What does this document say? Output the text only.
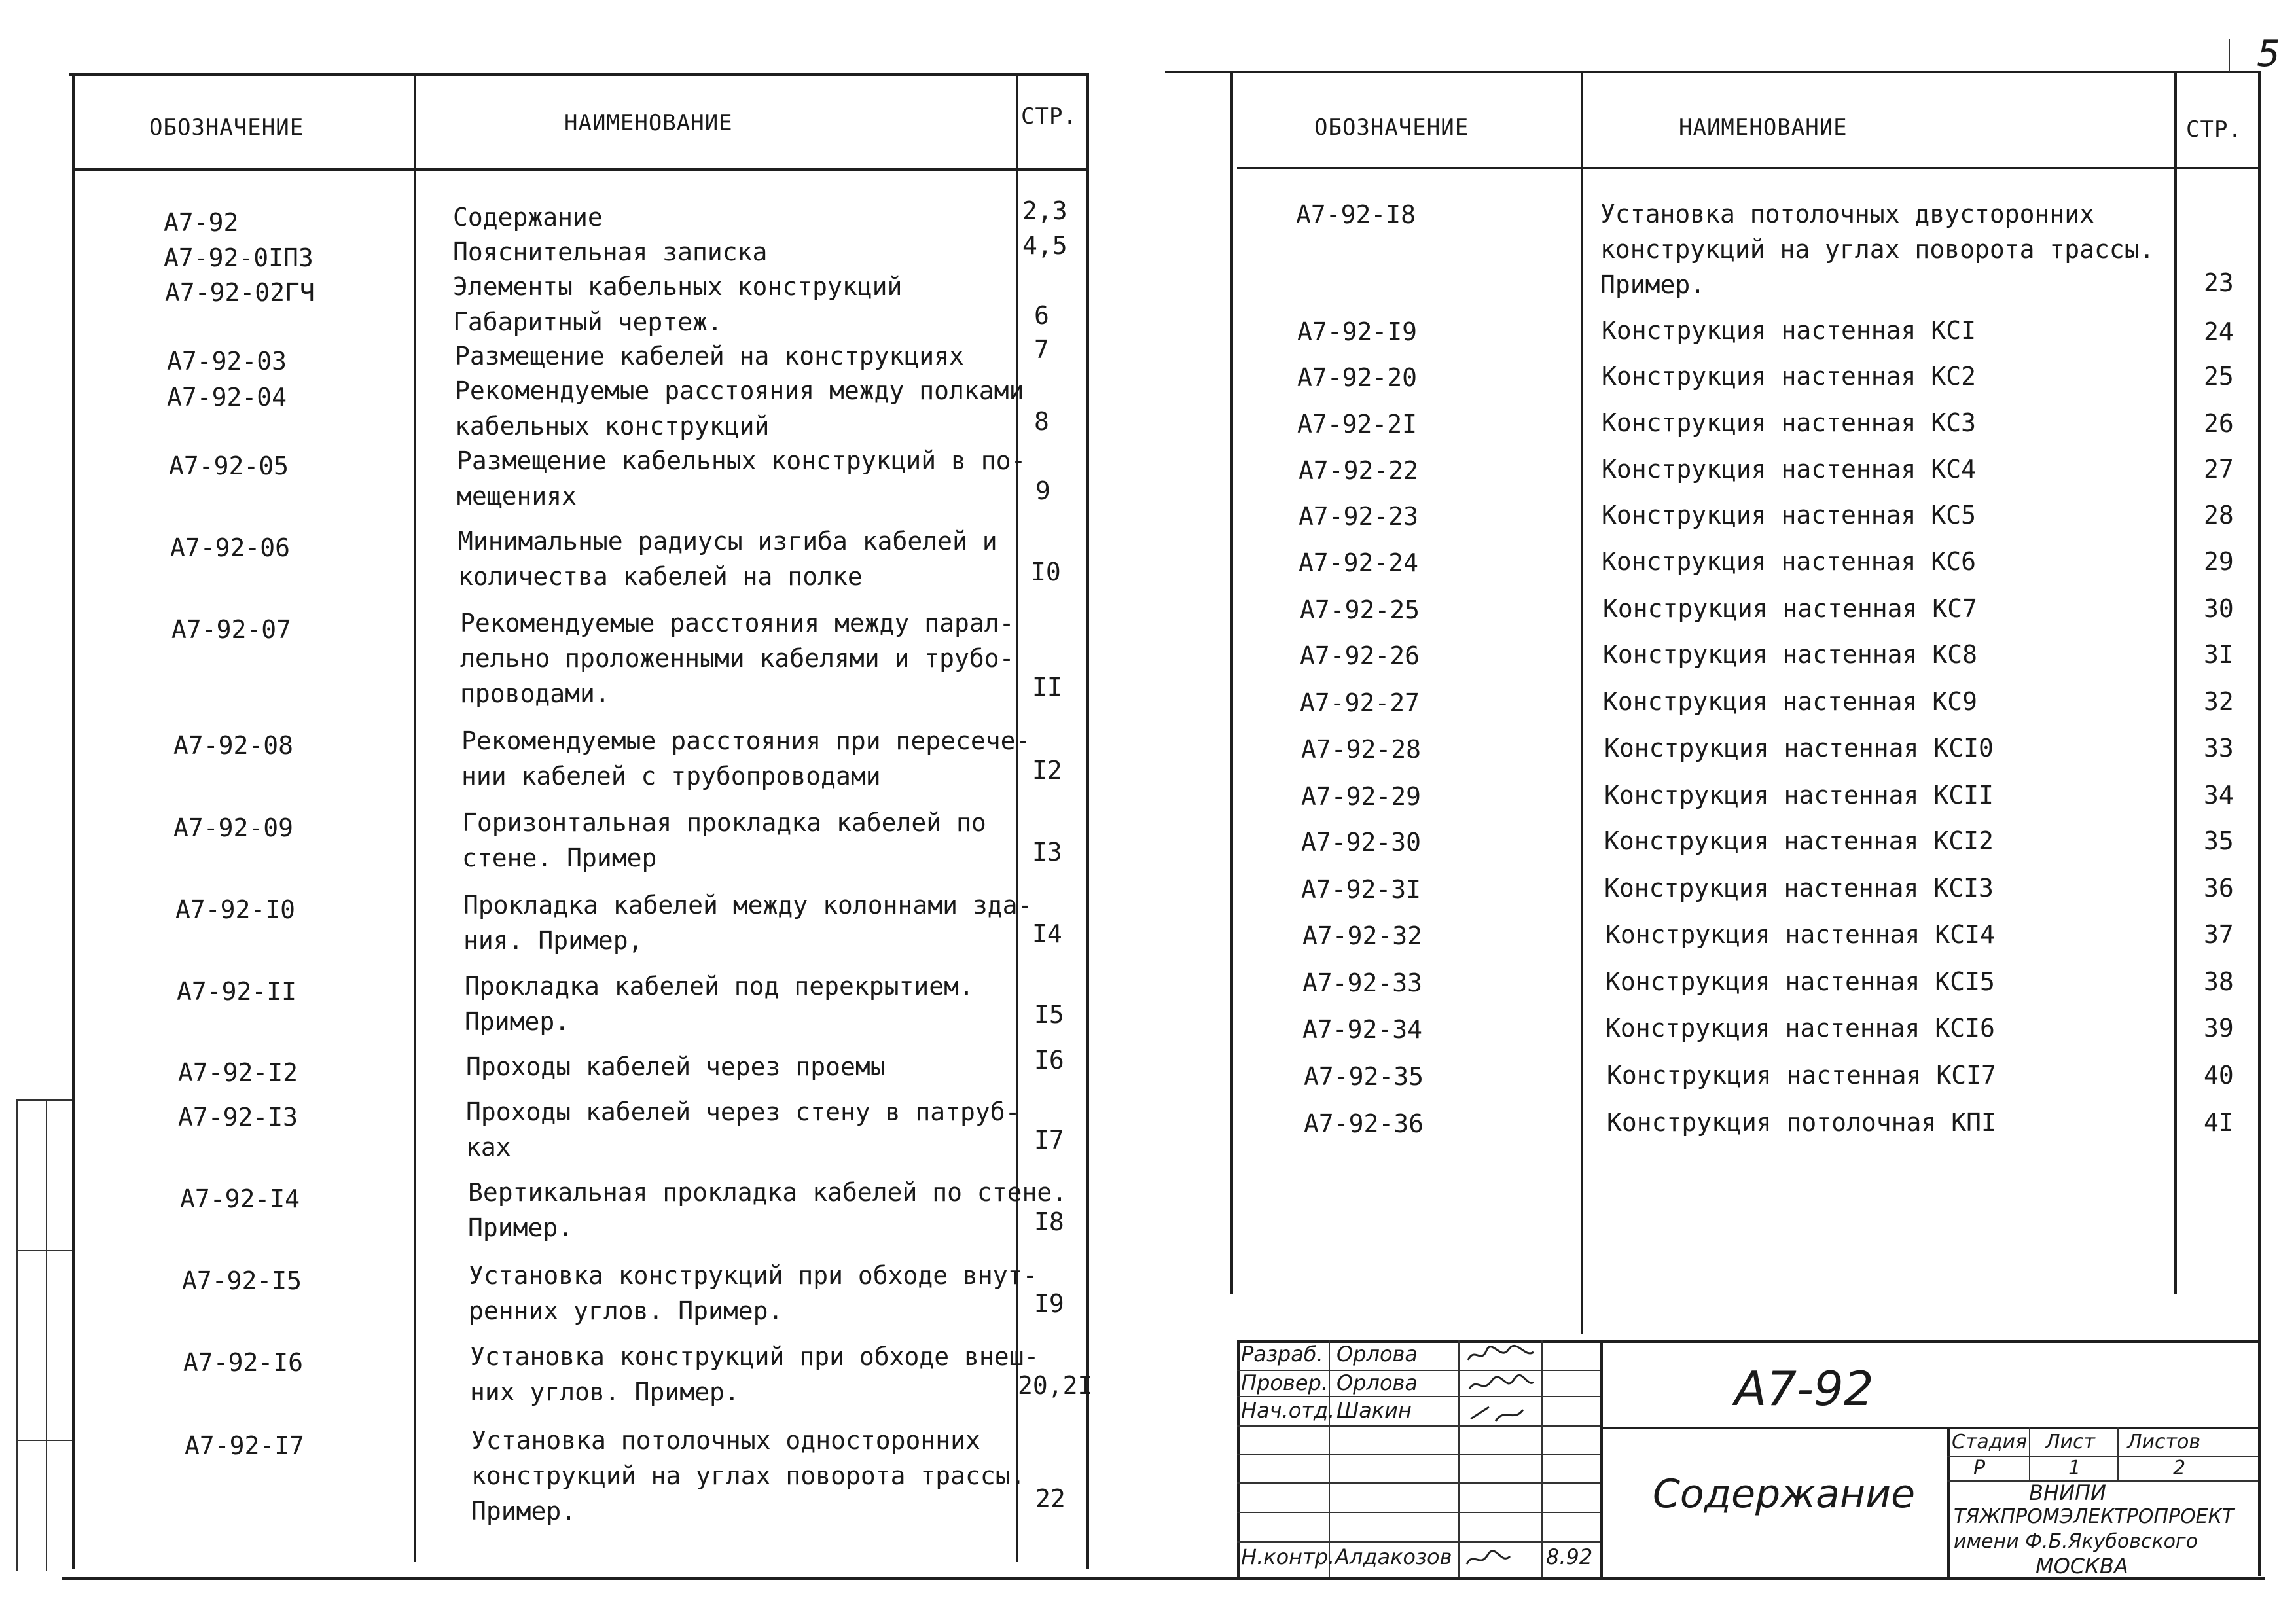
ОБОЗНАЧЕНИЕ	НАИМЕНОВАНИЕ	СТР.
5
ОБОЗНАЧЕНИЕ	НАИМЕНОВАНИЕ	СТР.
А7-92	Содержание	2,3
А7-92-0IПЗ	Пояснительная записка	4,5
А7-92-02ГЧ	Элементы кабельных конструкций
Габаритный чертеж.	6
А7-92-03	Размещение кабелей на конструкциях	7
А7-92-04	Рекомендуемые расстояния между полками
кабельных конструкций	8
А7-92-05	Размещение кабельных конструкций в по-
мещениях	9
А7-92-06	Минимальные радиусы изгиба кабелей и
количества кабелей на полке	I0
А7-92-07	Рекомендуемые расстояния между парал-
лельно проложенными кабелями и трубо-
проводами.	II
А7-92-08	Рекомендуемые расстояния при пересече-
нии кабелей с трубопроводами	I2
А7-92-09	Горизонтальная прокладка кабелей по
стене. Пример	I3
А7-92-I0	Прокладка кабелей между колоннами зда-
ния. Пример,	I4
А7-92-II	Прокладка кабелей под перекрытием.
Пример.	I5
А7-92-I2	Проходы кабелей через проемы	I6
А7-92-I3	Проходы кабелей через стену в патруб-
ках	I7
А7-92-I4	Вертикальная прокладка кабелей по стене.
Пример.	I8
А7-92-I5	Установка конструкций при обходе внут-
ренних углов. Пример.	I9
А7-92-I6	Установка конструкций при обходе внеш-
них углов. Пример.	20,2I
А7-92-I7	Установка потолочных односторонних
конструкций на углах поворота трассы.
Пример.	22
А7-92-I8	Установка потолочных двусторонних
конструкций на углах поворота трассы.
Пример.	23
А7-92-I9	Конструкция настенная КСI	24
А7-92-20	Конструкция настенная КС2	25
А7-92-2I	Конструкция настенная КС3	26
А7-92-22	Конструкция настенная КС4	27
А7-92-23	Конструкция настенная КС5	28
А7-92-24	Конструкция настенная КС6	29
А7-92-25	Конструкция настенная КС7	30
А7-92-26	Конструкция настенная КС8	3I
А7-92-27	Конструкция настенная КС9	32
А7-92-28	Конструкция настенная КСI0	33
А7-92-29	Конструкция настенная КСII	34
А7-92-30	Конструкция настенная КСI2	35
А7-92-3I	Конструкция настенная КСI3	36
А7-92-32	Конструкция настенная КСI4	37
А7-92-33	Конструкция настенная КСI5	38
А7-92-34	Конструкция настенная КСI6	39
А7-92-35	Конструкция настенная КСI7	40
А7-92-36	Конструкция потолочная КПI	4I
Разраб. Орлова
Провер. Орлова
Нач.отд. Шакин
Н.контр. Алдакозов	8.92
А7-92
Содержание
Стадия Лист Листов
Р	1	2
ВНИПИ
ТЯЖПРОМЭЛЕКТРОПРОЕКТ
имени Ф.Б.Якубовского
МОСКВА
